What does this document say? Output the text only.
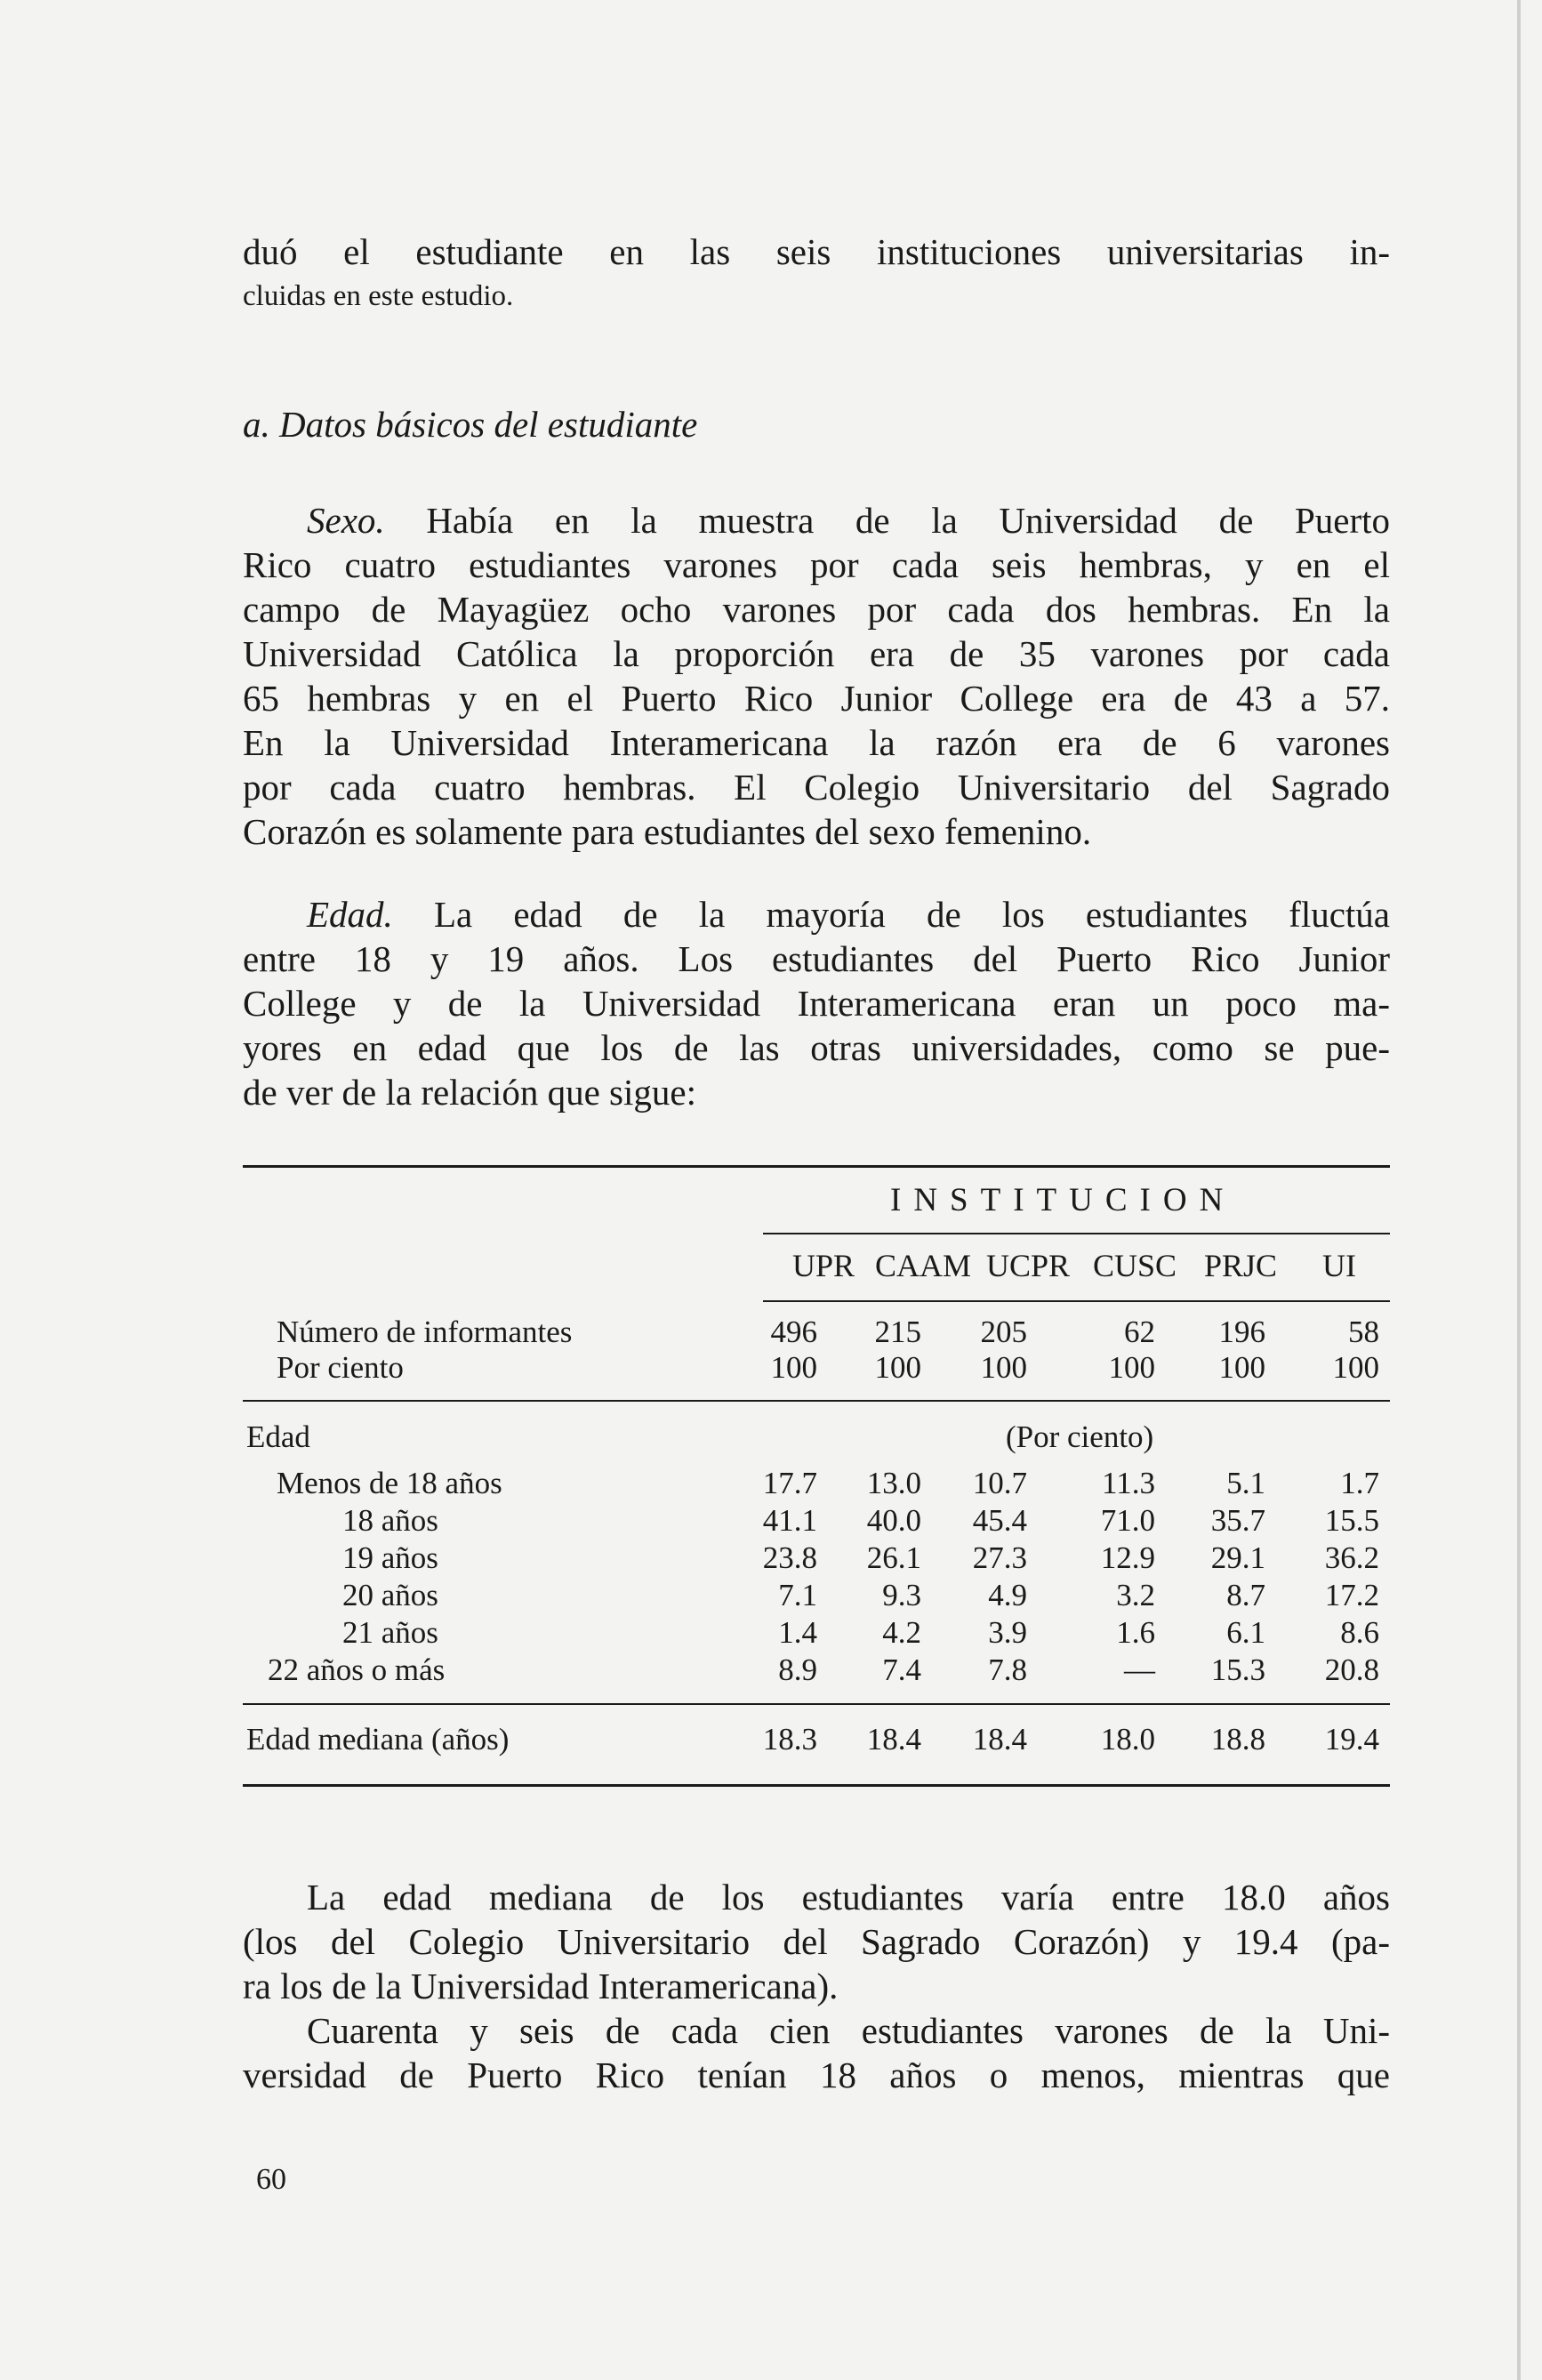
duó el estudiante en las seis instituciones universitarias in-
cluidas en este estudio.
a. Datos básicos del estudiante
Sexo. Había en la muestra de la Universidad de Puerto
Rico cuatro estudiantes varones por cada seis hembras, y en el
campo de Mayagüez ocho varones por cada dos hembras. En la
Universidad Católica la proporción era de 35 varones por cada
65 hembras y en el Puerto Rico Junior College era de 43 a 57.
En la Universidad Interamericana la razón era de 6 varones
por cada cuatro hembras. El Colegio Universitario del Sagrado
Corazón es solamente para estudiantes del sexo femenino.
Edad. La edad de la mayoría de los estudiantes fluctúa
entre 18 y 19 años. Los estudiantes del Puerto Rico Junior
College y de la Universidad Interamericana eran un poco ma-
yores en edad que los de las otras universidades, como se pue-
de ver de la relación que sigue:
INSTITUCION
UPR CAAM UCPR CUSC PRJC	UI
Número de informantes	496	215	205	62	196	58
Por ciento	100	100	100	100	100	100
Edad	(Por ciento)
Menos de 18 años	17.7	13.0	10.7	11.3	5.1	1.7
18 años	41.1	40.0	45.4	71.0	35.7	15.5
19 años	23.8	26.1	27.3	12.9	29.1	36.2
20 años	7.1	9.3	4.9	3.2	8.7	17.2
21 años	1.4	4.2	3.9	1.6	6.1	8.6
22 años o más	8.9	7.4	7.8	—	15.3	20.8
Edad mediana (años)	18.3	18.4	18.4	18.0	18.8	19.4
La edad mediana de los estudiantes varía entre 18.0 años
(los del Colegio Universitario del Sagrado Corazón) y 19.4 (pa-
ra los de la Universidad Interamericana).
Cuarenta y seis de cada cien estudiantes varones de la Uni-
versidad de Puerto Rico tenían 18 años o menos, mientras que
60
